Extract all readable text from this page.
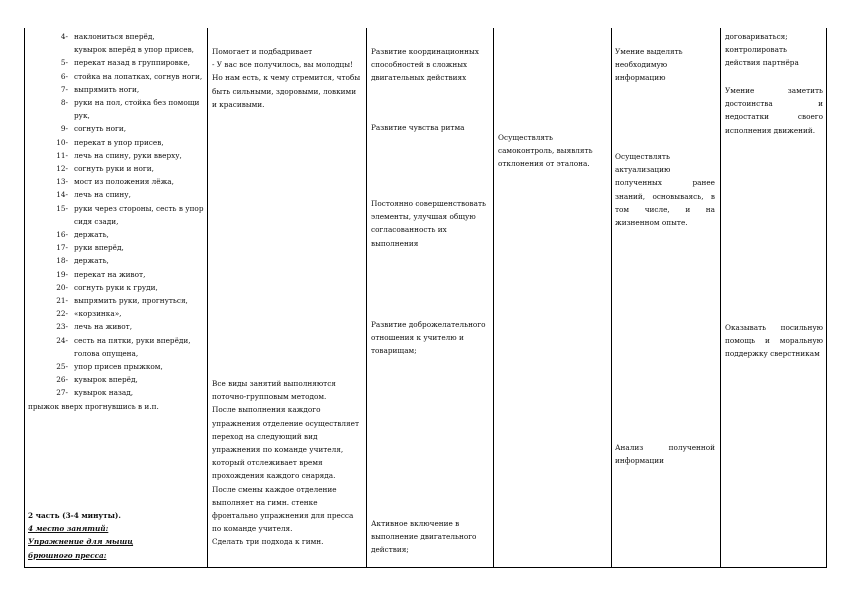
4- наклониться вперёд,
кувырок вперёд в упор присев,
5- перекат назад в группировке,
6- стойка на лопатках, согнув ноги,
7- выпрямить ноги,
8- руки на пол, стойка без помощи рук,
9- согнуть ноги,
10- перекат в упор присев,
11- лечь на спину, руки вверху,
12- согнуть руки и ноги,
13- мост из положения лёжа,
14- лечь на спину,
15- руки через стороны, сесть в упор сидя сзади,
16- держать,
17- руки вперёд,
18- держать,
19- перекат на живот,
20- согнуть руки к груди,
21- выпрямить руки, прогнуться,
22- «корзинка»,
23- лечь на живот,
24- сесть на пятки, руки вперёди, голова опущена,
25- упор присев прыжком,
26- кувырок вперёд,
27- кувырок назад,
прыжок вверх прогнувшись в и.п.
2 часть (3-4 минуты).
4 место занятий:
Упражнение для мышц брюшного пресса:
Помогает и подбадривает
- У вас все получилось, вы молодцы!
Но нам есть, к чему стремится, чтобы быть сильными, здоровыми, ловкими и красивыми.
Все виды занятий выполняются поточно-групповым методом.
После выполнения каждого упражнения отделение осуществляет переход на следующий вид упражнения по команде учителя, который отслеживает время прохождения каждого снаряда.
После смены каждое отделение выполняет на гимн. стенке фронтально упражнения для пресса по команде учителя.
Сделать три подхода к гимн.
Развитие координационных способностей в сложных двигательных действиях
Развитие чувства ритма
Постоянно совершенствовать элементы, улучшая общую согласованность их выполнения
Развитие доброжелательного отношения к учителю и товарищам;
Активное включение в выполнение двигательного действия;
Осуществлять самоконтроль, выявлять отклонения от эталона.
Умение выделять необходимую информацию
Осуществлять актуализацию полученных ранее знаний, основываясь, в том числе, и на жизненном опыте.
Анализ полученной информации
договариваться; контролировать действия партнёра
Умение заметить достоинства и недостатки своего исполнения движений.
Оказывать посильную помощь и моральную поддержку сверстникам
